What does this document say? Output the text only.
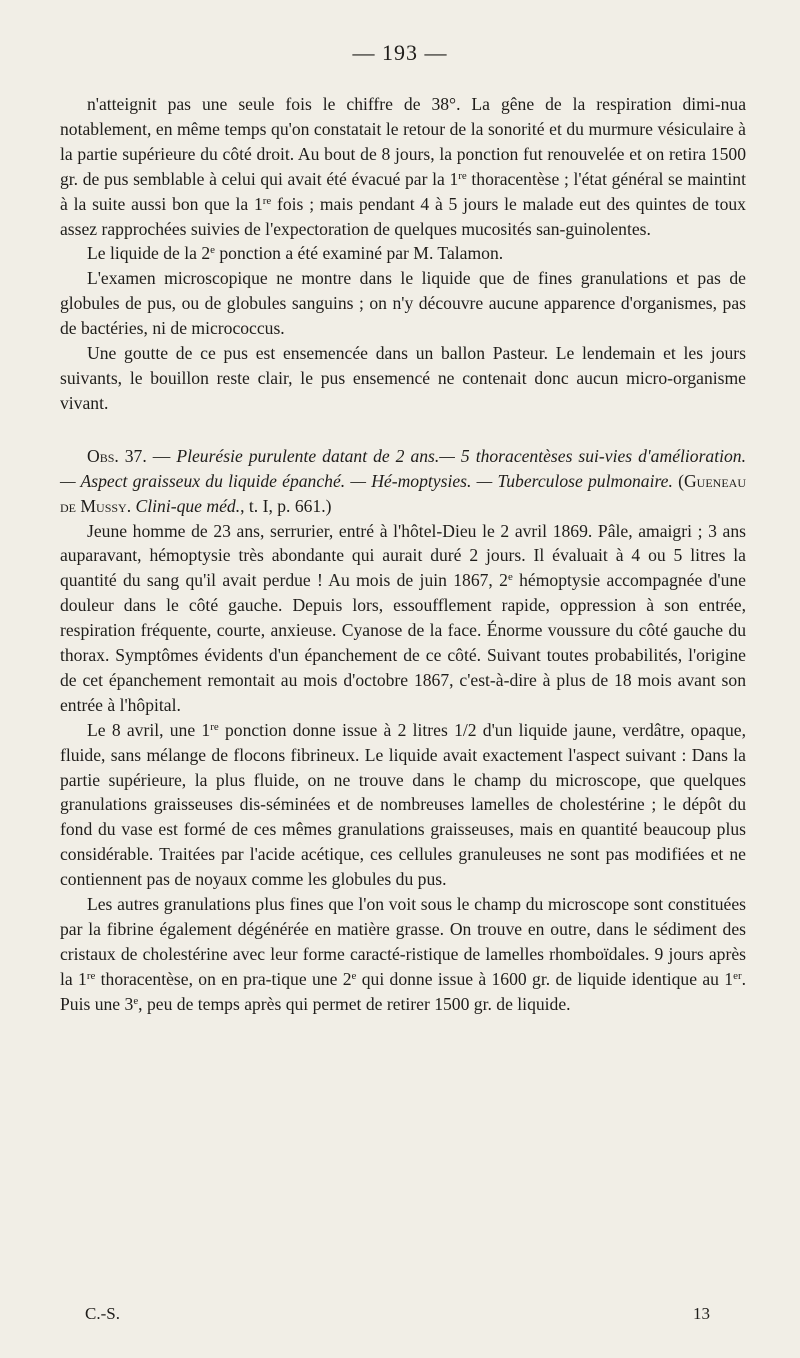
— 193 —

n'atteignit pas une seule fois le chiffre de 38°. La gêne de la respiration dimi-nua notablement, en même temps qu'on constatait le retour de la sonorité et du murmure vésiculaire à la partie supérieure du côté droit. Au bout de 8 jours, la ponction fut renouvelée et on retira 1500 gr. de pus semblable à celui qui avait été évacué par la 1re thoracentèse ; l'état général se maintint à la suite aussi bon que la 1re fois ; mais pendant 4 à 5 jours le malade eut des quintes de toux assez rapprochées suivies de l'expectoration de quelques mucosités san-guinolentes.

Le liquide de la 2e ponction a été examiné par M. Talamon.

L'examen microscopique ne montre dans le liquide que de fines granulations et pas de globules de pus, ou de globules sanguins ; on n'y découvre aucune apparence d'organismes, pas de bactéries, ni de micrococcus.

Une goutte de ce pus est ensemencée dans un ballon Pasteur. Le lendemain et les jours suivants, le bouillon reste clair, le pus ensemencé ne contenait donc aucun micro-organisme vivant.

Obs. 37. — Pleurésie purulente datant de 2 ans.— 5 thoracentèses sui-vies d'amélioration. — Aspect graisseux du liquide épanché. — Hé-moptysies. — Tuberculose pulmonaire. (Gueneau de Mussy. Clini-que méd., t. I, p. 661.)

Jeune homme de 23 ans, serrurier, entré à l'hôtel-Dieu le 2 avril 1869. Pâle, amaigri ; 3 ans auparavant, hémoptysie très abondante qui aurait duré 2 jours. Il évaluait à 4 ou 5 litres la quantité du sang qu'il avait perdue ! Au mois de juin 1867, 2e hémoptysie accompagnée d'une douleur dans le côté gauche. Depuis lors, essoufflement rapide, oppression à son entrée, respiration fréquente, courte, anxieuse. Cyanose de la face. Énorme voussure du côté gauche du thorax. Symptômes évidents d'un épanchement de ce côté. Suivant toutes probabilités, l'origine de cet épanchement remontait au mois d'octobre 1867, c'est-à-dire à plus de 18 mois avant son entrée à l'hôpital.

Le 8 avril, une 1re ponction donne issue à 2 litres 1/2 d'un liquide jaune, verdâtre, opaque, fluide, sans mélange de flocons fibrineux. Le liquide avait exactement l'aspect suivant : Dans la partie supérieure, la plus fluide, on ne trouve dans le champ du microscope, que quelques granulations graisseuses dis-séminées et de nombreuses lamelles de cholestérine ; le dépôt du fond du vase est formé de ces mêmes granulations graisseuses, mais en quantité beaucoup plus considérable. Traitées par l'acide acétique, ces cellules granuleuses ne sont pas modifiées et ne contiennent pas de noyaux comme les globules du pus.

Les autres granulations plus fines que l'on voit sous le champ du microscope sont constituées par la fibrine également dégénérée en matière grasse. On trouve en outre, dans le sédiment des cristaux de cholestérine avec leur forme caracté-ristique de lamelles rhomboïdales. 9 jours après la 1re thoracentèse, on en pra-tique une 2e qui donne issue à 1600 gr. de liquide identique au 1er. Puis une 3e, peu de temps après qui permet de retirer 1500 gr. de liquide.

C.-S.	13
